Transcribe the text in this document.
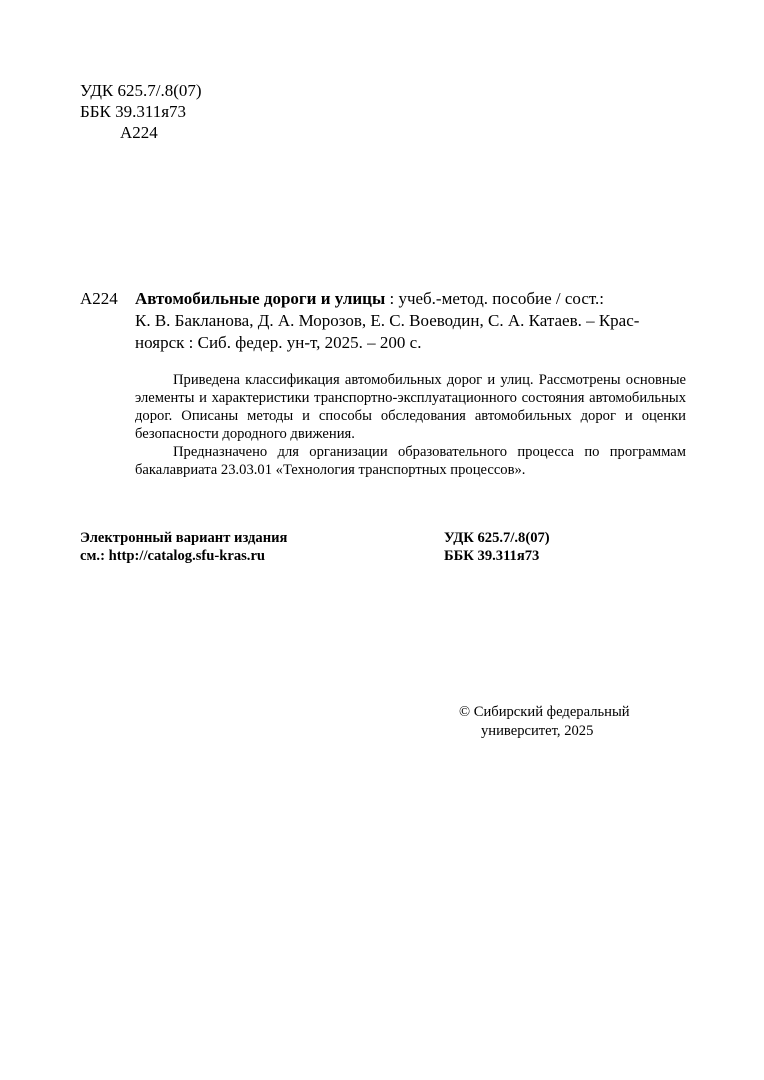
УДК 625.7/.8(07)
ББК 39.311я73
А224
А224 Автомобильные дороги и улицы : учеб.-метод. пособие / сост.:
К. В. Бакланова, Д. А. Морозов, Е. С. Воеводин, С. А. Катаев. – Крас-
ноярск : Сиб. федер. ун-т, 2025. – 200 с.

Приведена классификация автомобильных дорог и улиц. Рассмотрены основные элементы и характеристики транспортно-эксплуатационного состояния автомобильных дорог. Описаны методы и способы обследования автомобильных дорог и оценки безопасности дородного движения.

Предназначено для организации образовательного процесса по программам бакалавриата 23.03.01 «Технология транспортных процессов».

Электронный вариант издания
см.: http://catalog.sfu-kras.ru
УДК 625.7/.8(07)
ББК 39.311я73
© Сибирский федеральный
университет, 2025
